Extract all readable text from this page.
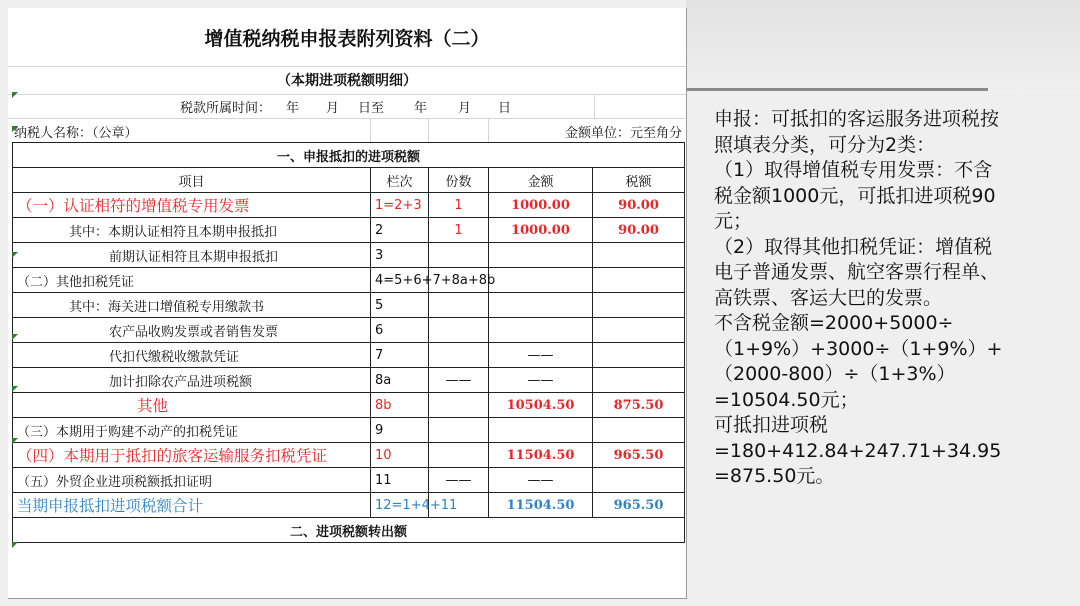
增值税纳税申报表附列资料（二）
（本期进项税额明细）
税款所属时间： 年 月 日至 年 月 日
纳税人名称：（公章）	金额单位：元至角分
一、申报抵扣的进项税额				
项目	栏次	份数	金额	税额
（一）认证相符的增值税专用发票	1=2+3	1	1000.00	90.00
其中：本期认证相符且本期申报抵扣	2	1	1000.00	90.00
前期认证相符且本期申报抵扣	3			
（二）其他扣税凭证	4=5+6+7+8a+8b			
其中：海关进口增值税专用缴款书	5			
农产品收购发票或者销售发票	6			
代扣代缴税收缴款凭证	7		——	
加计扣除农产品进项税额	8a	——	——	
其他	8b		10504.50	875.50
（三）本期用于购建不动产的扣税凭证	9			
（四）本期用于抵扣的旅客运输服务扣税凭证	10		11504.50	965.50
（五）外贸企业进项税额抵扣证明	11	——	——	
当期申报抵扣进项税额合计	12=1+4+11		11504.50	965.50
二、进项税额转出额				
申报：可抵扣的客运服务进项税按
照填表分类，可分为2类：
（1）取得增值税专用发票：不含
税金额1000元，可抵扣进项税90
元；
（2）取得其他扣税凭证：增值税
电子普通发票、航空客票行程单、
高铁票、客运大巴的发票。
不含税金额=2000+5000÷
（1+9%）+3000÷（1+9%）+
（2000-800）÷（1+3%）
=10504.50元；
可抵扣进项税
=180+412.84+247.71+34.95
=875.50元。
